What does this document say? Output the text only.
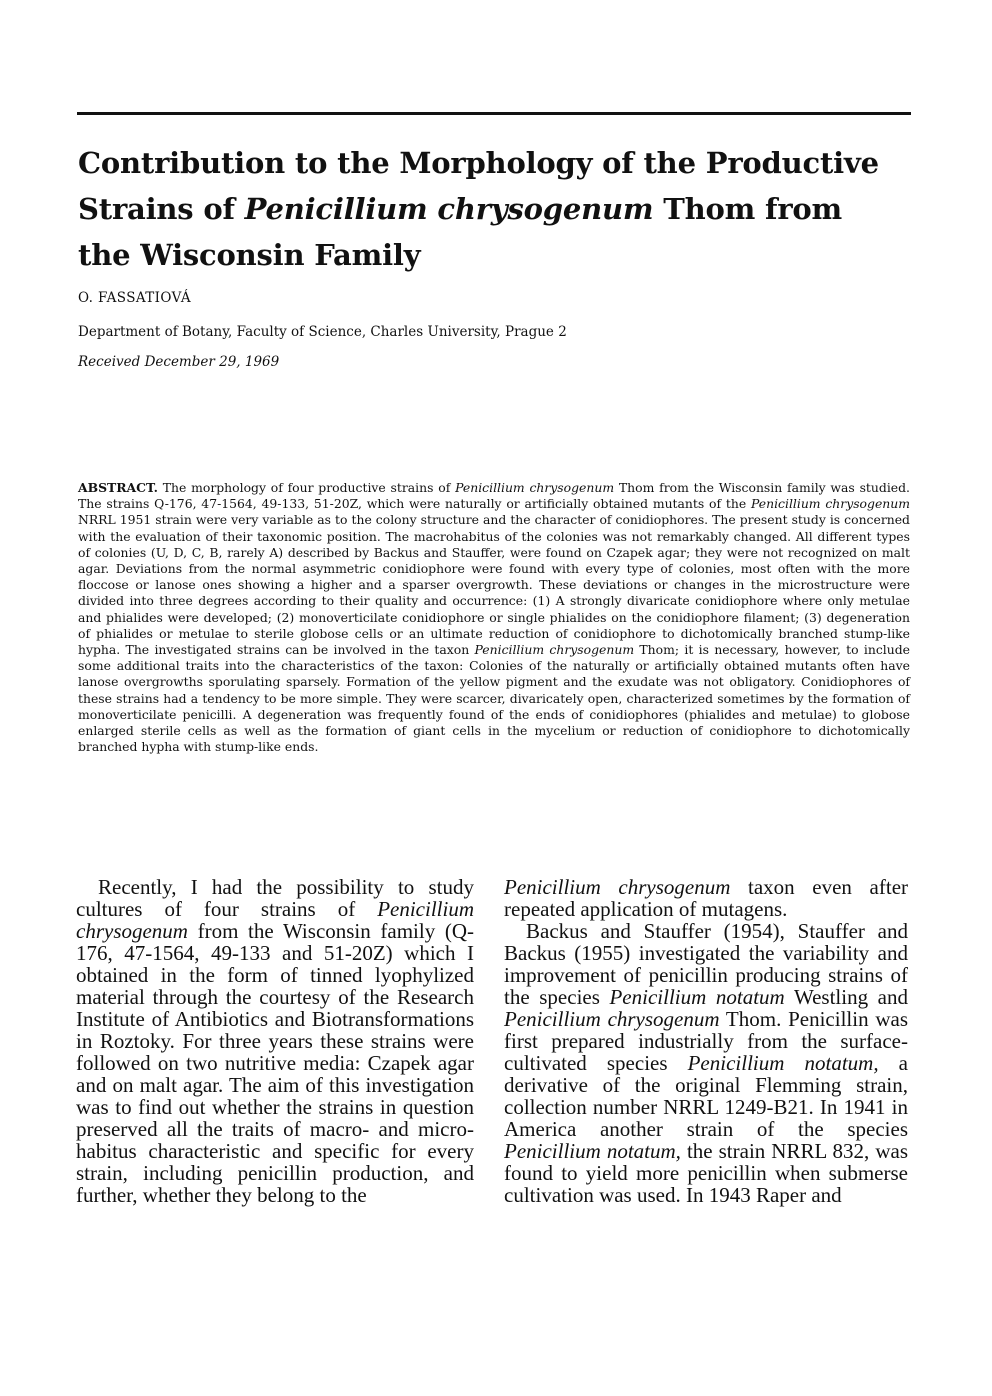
Contribution to the Morphology of the Productive Strains of Penicillium chrysogenum Thom from the Wisconsin Family
O. FASSATIOVÁ
Department of Botany, Faculty of Science, Charles University, Prague 2
Received December 29, 1969

ABSTRACT. The morphology of four productive strains of Penicillium chrysogenum Thom from the Wisconsin family was studied. The strains Q-176, 47-1564, 49-133, 51-20Z, which were naturally or artificially obtained mutants of the Penicillium chrysogenum NRRL 1951 strain were very variable as to the colony structure and the character of conidiophores. The present study is concerned with the evaluation of their taxonomic position. The macrohabitus of the colonies was not remarkably changed. All different types of colonies (U, D, C, B, rarely A) described by Backus and Stauffer, were found on Czapek agar; they were not recognized on malt agar. Deviations from the normal asymmetric conidiophore were found with every type of colonies, most often with the more floccose or lanose ones showing a higher and a sparser overgrowth. These deviations or changes in the microstructure were divided into three degrees according to their quality and occurrence: (1) A strongly divaricate conidiophore where only metulae and phialides were developed; (2) monoverticilate conidiophore or single phialides on the conidiophore filament; (3) degeneration of phialides or metulae to sterile globose cells or an ultimate reduction of conidiophore to dichotomically branched stump-like hypha. The investigated strains can be involved in the taxon Penicillium chrysogenum Thom; it is necessary, however, to include some additional traits into the characteristics of the taxon: Colonies of the naturally or artificially obtained mutants often have lanose overgrowths sporulating sparsely. Formation of the yellow pigment and the exudate was not obligatory. Conidiophores of these strains had a tendency to be more simple. They were scarcer, divaricately open, characterized sometimes by the formation of monoverticilate penicilli. A degeneration was frequently found of the ends of conidiophores (phialides and metulae) to globose enlarged sterile cells as well as the formation of giant cells in the mycelium or reduction of conidiophore to dichotomically branched hypha with stump-like ends.

Recently, I had the possibility to study cultures of four strains of Penicillium chrysogenum from the Wisconsin family (Q-176, 47-1564, 49-133 and 51-20Z) which I obtained in the form of tinned lyophylized material through the courtesy of the Research Institute of Antibiotics and Biotransformations in Roztoky. For three years these strains were followed on two nutritive media: Czapek agar and on malt agar. The aim of this investigation was to find out whether the strains in question preserved all the traits of macro- and micro-habitus characteristic and specific for every strain, including penicillin production, and further, whether they belong to the

Penicillium chrysogenum taxon even after repeated application of mutagens.

Backus and Stauffer (1954), Stauffer and Backus (1955) investigated the variability and improvement of penicillin producing strains of the species Penicillium notatum Westling and Penicillium chrysogenum Thom. Penicillin was first prepared industrially from the surface-cultivated species Penicillium notatum, a derivative of the original Flemming strain, collection number NRRL 1249-B21. In 1941 in America another strain of the species Penicillium notatum, the strain NRRL 832, was found to yield more penicillin when submerse cultivation was used. In 1943 Raper and
